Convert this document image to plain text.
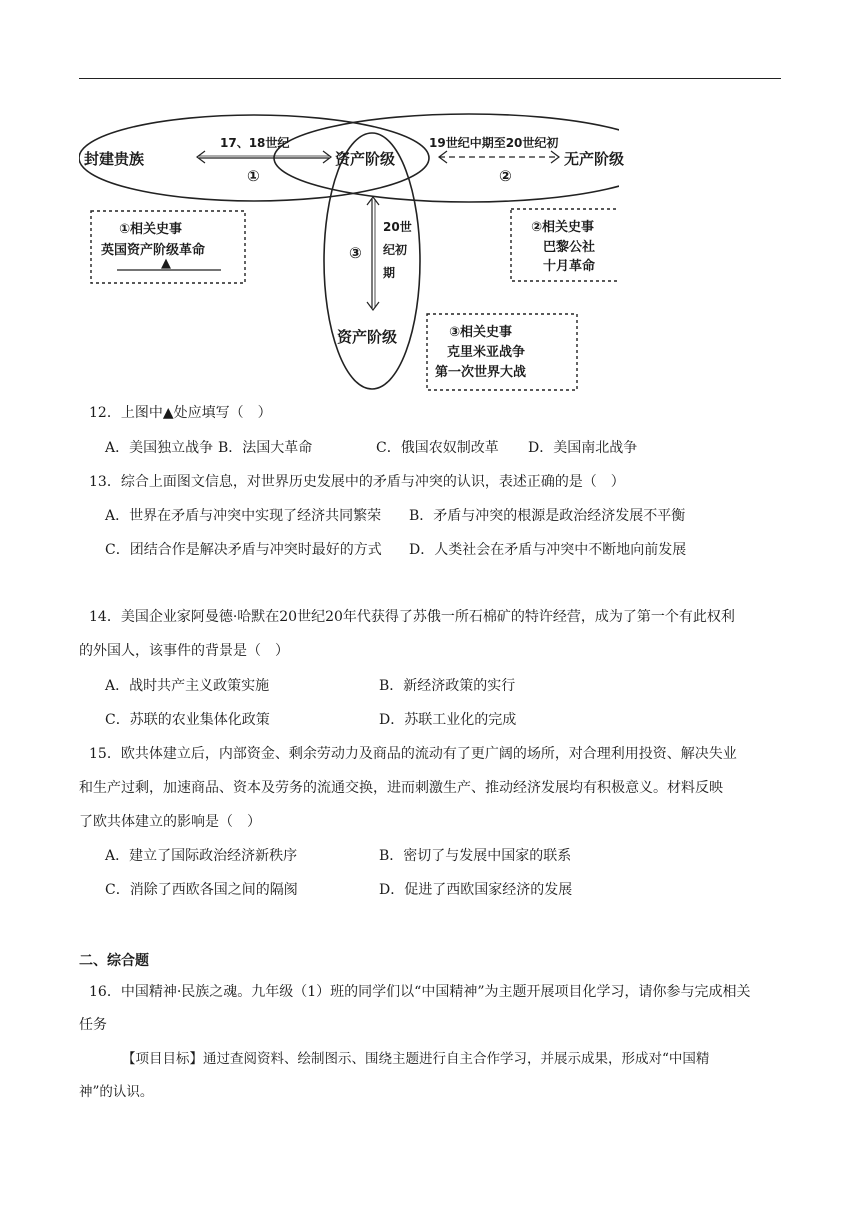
封建贵族
17、18世纪
①
资产阶级
19世纪中期至20世纪初
②
无产阶级
③
20世
纪初
期
资产阶级
①相关史事
英国资产阶级革命
▲
②相关史事
巴黎公社
十月革命
③相关史事
克里米亚战争
第一次世界大战
12．上图中▲处应填写（　）
A．美国独立战争 B．法国大革命	C．俄国农奴制改革 D．美国南北战争
13．综合上面图文信息，对世界历史发展中的矛盾与冲突的认识，表述正确的是（　）
A．世界在矛盾与冲突中实现了经济共同繁荣 B．矛盾与冲突的根源是政治经济发展不平衡
C．团结合作是解决矛盾与冲突时最好的方式 D．人类社会在矛盾与冲突中不断地向前发展
14．美国企业家阿曼德·哈默在20世纪20年代获得了苏俄一所石棉矿的特许经营，成为了第一个有此权利
的外国人，该事件的背景是（　）
A．战时共产主义政策实施	B．新经济政策的实行
C．苏联的农业集体化政策	D．苏联工业化的完成
15．欧共体建立后，内部资金、剩余劳动力及商品的流动有了更广阔的场所，对合理利用投资、解决失业
和生产过剩，加速商品、资本及劳务的流通交换，进而刺激生产、推动经济发展均有积极意义。材料反映
了欧共体建立的影响是（　）
A．建立了国际政治经济新秩序	B．密切了与发展中国家的联系
C．消除了西欧各国之间的隔阂	D．促进了西欧国家经济的发展
二、综合题
16．中国精神·民族之魂。九年级（1）班的同学们以“中国精神”为主题开展项目化学习，请你参与完成相关
任务
【项目目标】通过查阅资料、绘制图示、围绕主题进行自主合作学习，并展示成果，形成对“中国精
神”的认识。
